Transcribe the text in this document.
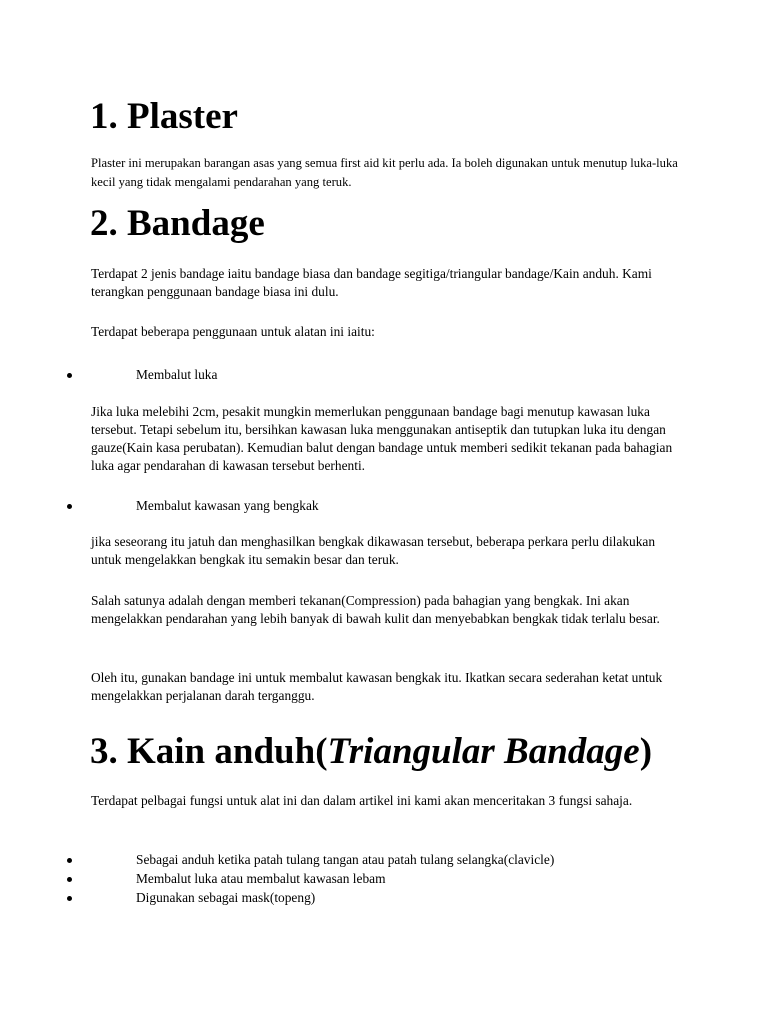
1. Plaster

Plaster ini merupakan barangan asas yang semua first aid kit perlu ada. Ia boleh digunakan untuk menutup luka-luka kecil yang tidak mengalami pendarahan yang teruk.

2. Bandage

Terdapat 2 jenis bandage iaitu bandage biasa dan bandage segitiga/triangular bandage/Kain anduh. Kami terangkan penggunaan bandage biasa ini dulu.

Terdapat beberapa penggunaan untuk alatan ini iaitu:

Membalut luka

Jika luka melebihi 2cm, pesakit mungkin memerlukan penggunaan bandage bagi menutup kawasan luka tersebut. Tetapi sebelum itu, bersihkan kawasan luka menggunakan antiseptik dan tutupkan luka itu dengan gauze(Kain kasa perubatan). Kemudian balut dengan bandage untuk memberi sedikit tekanan pada bahagian luka agar pendarahan di kawasan tersebut berhenti.

Membalut kawasan yang bengkak

jika seseorang itu jatuh dan menghasilkan bengkak dikawasan tersebut, beberapa perkara perlu dilakukan untuk mengelakkan bengkak itu semakin besar dan teruk.

Salah satunya adalah dengan memberi tekanan(Compression) pada bahagian yang bengkak. Ini akan mengelakkan pendarahan yang lebih banyak di bawah kulit dan menyebabkan bengkak tidak terlalu besar.

Oleh itu, gunakan bandage ini untuk membalut kawasan bengkak itu. Ikatkan secara sederahan ketat untuk mengelakkan perjalanan darah terganggu.

3. Kain anduh(Triangular Bandage)

Terdapat pelbagai fungsi untuk alat ini dan dalam artikel ini kami akan menceritakan 3 fungsi sahaja.

Sebagai anduh ketika patah tulang tangan atau patah tulang selangka(clavicle)
Membalut luka atau membalut kawasan lebam
Digunakan sebagai mask(topeng)
